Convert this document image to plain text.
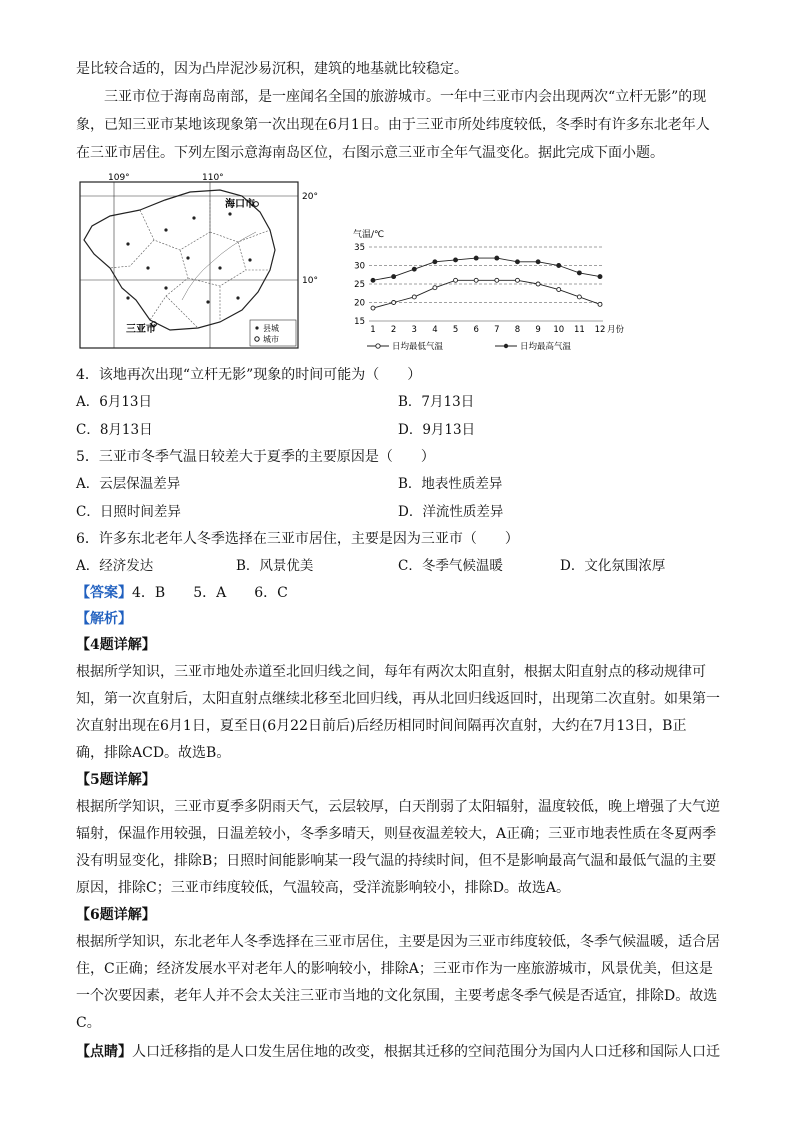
是比较合适的，因为凸岸泥沙易沉积，建筑的地基就比较稳定。
三亚市位于海南岛南部，是一座闻名全国的旅游城市。一年中三亚市内会出现两次“立杆无影”的现
象，已知三亚市某地该现象第一次出现在6月1日。由于三亚市所处纬度较低，冬季时有许多东北老年人
在三亚市居住。下列左图示意海南岛区位，右图示意三亚市全年气温变化。据此完成下面小题。
109°	110°
20°
10°
海口市
三亚市	县城
城市
15
20
25
30
35
1 2 3 4 5 6 7 8 9 10 11 12
气温/℃
月份
日均最低气温	日均最高气温
4．该地再次出现“立杆无影”现象的时间可能为（　　）
A．6月13日	B．7月13日
C．8月13日	D．9月13日
5．三亚市冬季气温日较差大于夏季的主要原因是（　　）
A．云层保温差异	B．地表性质差异
C．日照时间差异	D．洋流性质差异
6．许多东北老年人冬季选择在三亚市居住，主要是因为三亚市（　　）
A．经济发达	B．风景优美	C．冬季气候温暖	D．文化氛围浓厚
【答案】4．B　　5．A　　6．C
【解析】
【4题详解】
根据所学知识，三亚市地处赤道至北回归线之间，每年有两次太阳直射，根据太阳直射点的移动规律可
知，第一次直射后，太阳直射点继续北移至北回归线，再从北回归线返回时，出现第二次直射。如果第一
次直射出现在6月1日，夏至日(6月22日前后)后经历相同时间间隔再次直射，大约在7月13日，B正
确，排除ACD。故选B。
【5题详解】
根据所学知识，三亚市夏季多阴雨天气，云层较厚，白天削弱了太阳辐射，温度较低，晚上增强了大气逆
辐射，保温作用较强，日温差较小，冬季多晴天，则昼夜温差较大，A正确；三亚市地表性质在冬夏两季
没有明显变化，排除B；日照时间能影响某一段气温的持续时间，但不是影响最高气温和最低气温的主要
原因，排除C；三亚市纬度较低，气温较高，受洋流影响较小，排除D。故选A。
【6题详解】
根据所学知识，东北老年人冬季选择在三亚市居住，主要是因为三亚市纬度较低，冬季气候温暖，适合居
住，C正确；经济发展水平对老年人的影响较小，排除A；三亚市作为一座旅游城市，风景优美，但这是
一个次要因素，老年人并不会太关注三亚市当地的文化氛围，主要考虑冬季气候是否适宜，排除D。故选
C。
【点睛】人口迁移指的是人口发生居住地的改变，根据其迁移的空间范围分为国内人口迁移和国际人口迁
